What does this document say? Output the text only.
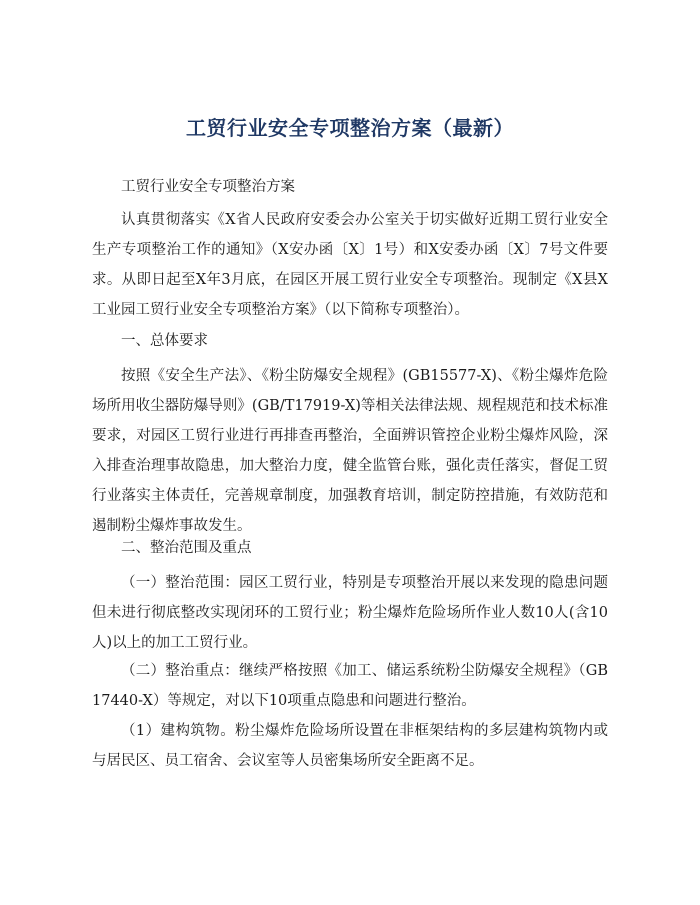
工贸行业安全专项整治方案（最新）
工贸行业安全专项整治方案
认真贯彻落实《X省人民政府安委会办公室关于切实做好近期工贸行业安全生产专项整治工作的通知》（X安办函〔X〕1号）和X安委办函〔X〕7号文件要求。从即日起至X年3月底，在园区开展工贸行业安全专项整治。现制定《X县X工业园工贸行业安全专项整治方案》（以下简称专项整治）。
一、总体要求
按照《安全生产法》、《粉尘防爆安全规程》(GB15577-X)、《粉尘爆炸危险场所用收尘器防爆导则》(GB/T17919-X)等相关法律法规、规程规范和技术标准要求，对园区工贸行业进行再排查再整治，全面辨识管控企业粉尘爆炸风险，深入排查治理事故隐患，加大整治力度，健全监管台账，强化责任落实，督促工贸行业落实主体责任，完善规章制度，加强教育培训，制定防控措施，有效防范和遏制粉尘爆炸事故发生。
二、整治范围及重点
（一）整治范围：园区工贸行业，特别是专项整治开展以来发现的隐患问题但未进行彻底整改实现闭环的工贸行业；粉尘爆炸危险场所作业人数10人(含10人)以上的加工工贸行业。
（二）整治重点：继续严格按照《加工、储运系统粉尘防爆安全规程》（GB17440-X）等规定，对以下10项重点隐患和问题进行整治。
（1）建构筑物。粉尘爆炸危险场所设置在非框架结构的多层建构筑物内或与居民区、员工宿舍、会议室等人员密集场所安全距离不足。
